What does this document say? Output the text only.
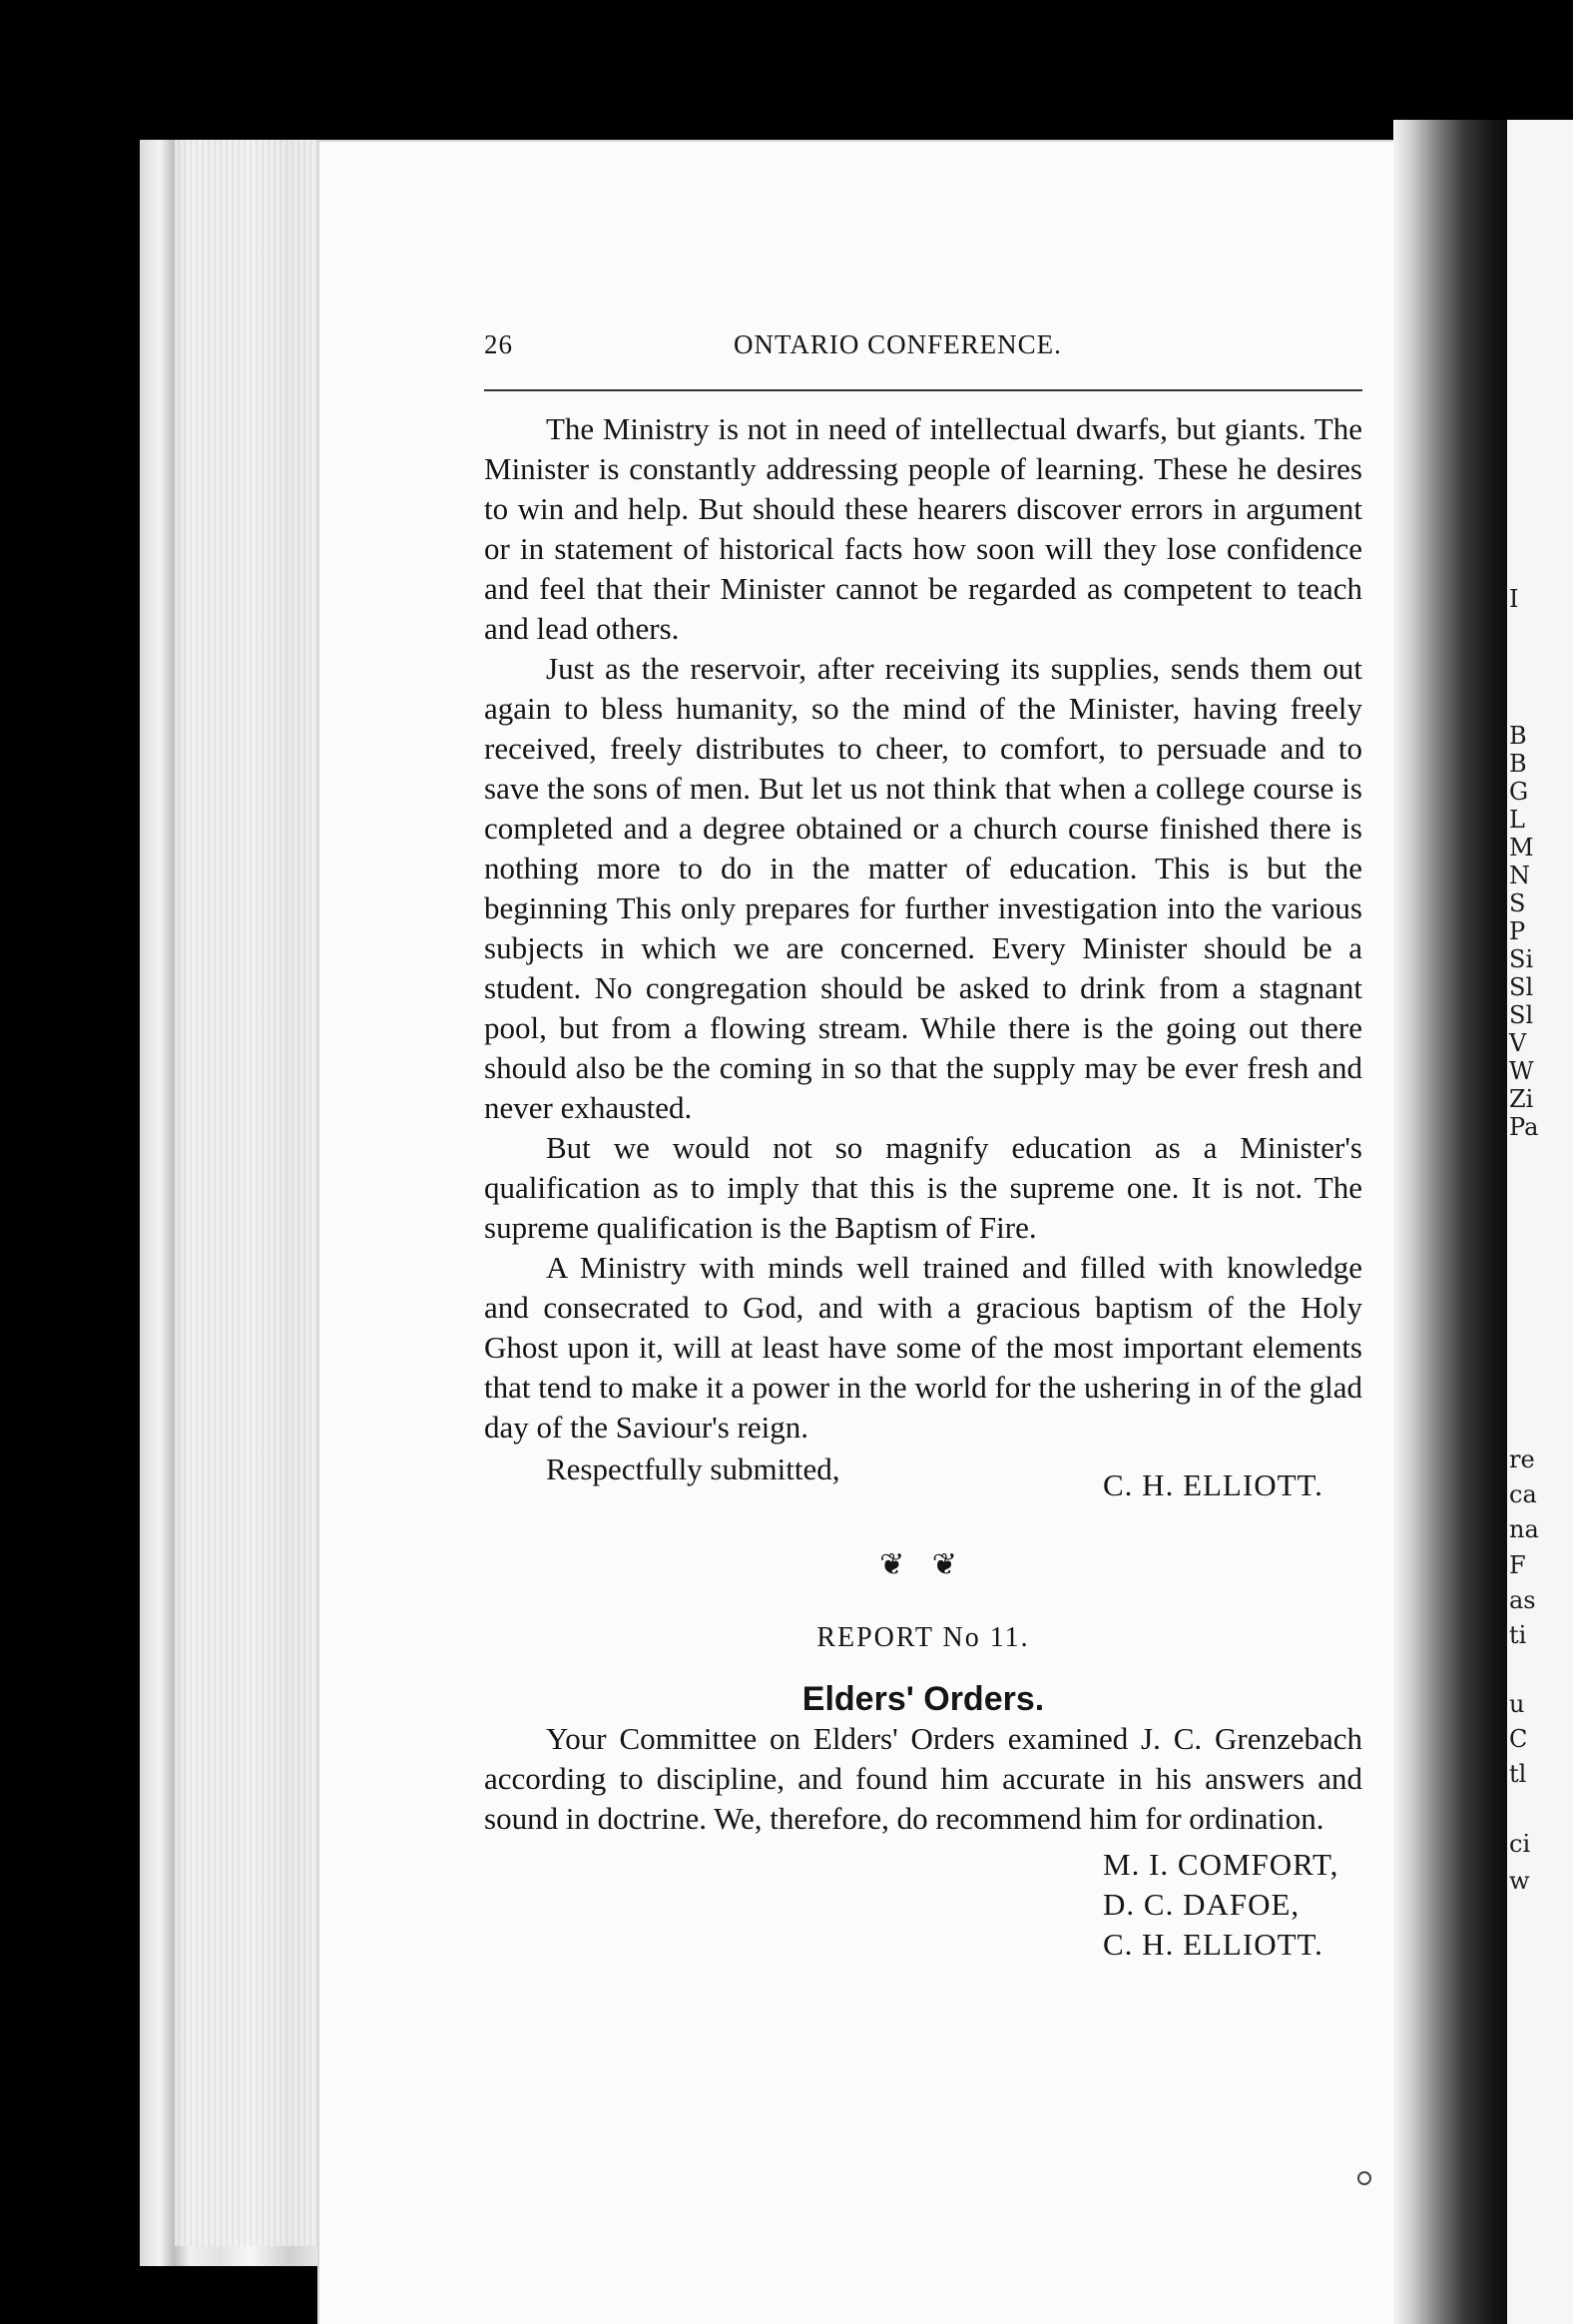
I
B
B
G
L
M
N
S
P
Si
Sl
Sl
V
W
Zi
Pa
re
ca
na
F
as
ti
u
C
tl
ci
w
26	ONTARIO CONFERENCE.

The Ministry is not in need of intellectual dwarfs, but giants. The Minister is constantly addressing people of learning. These he desires to win and help. But should these hearers discover errors in argument or in statement of historical facts how soon will they lose confidence and feel that their Minister cannot be regarded as competent to teach and lead others.

Just as the reservoir, after receiving its supplies, sends them out again to bless humanity, so the mind of the Minister, having freely received, freely distributes to cheer, to comfort, to persuade and to save the sons of men. But let us not think that when a college course is completed and a degree obtained or a church course finished there is nothing more to do in the matter of education. This is but the beginning This only prepares for further investigation into the various subjects in which we are concerned. Every Minister should be a student. No congregation should be asked to drink from a stagnant pool, but from a flowing stream. While there is the going out there should also be the coming in so that the supply may be ever fresh and never exhausted.

But we would not so magnify education as a Minister's qualification as to imply that this is the supreme one. It is not. The supreme qualification is the Baptism of Fire.

A Ministry with minds well trained and filled with knowledge and consecrated to God, and with a gracious baptism of the Holy Ghost upon it, will at least have some of the most important elements that tend to make it a power in the world for the ushering in of the glad day of the Saviour's reign.

Respectfully submitted,	C. H. ELLIOTT.
❦ ❦
REPORT No 11.
Elders' Orders.

Your Committee on Elders' Orders examined J. C. Grenzebach according to discipline, and found him accurate in his answers and sound in doctrine. We, therefore, do recommend him for ordination.

M. I. COMFORT,
D. C. DAFOE,
C. H. ELLIOTT.
